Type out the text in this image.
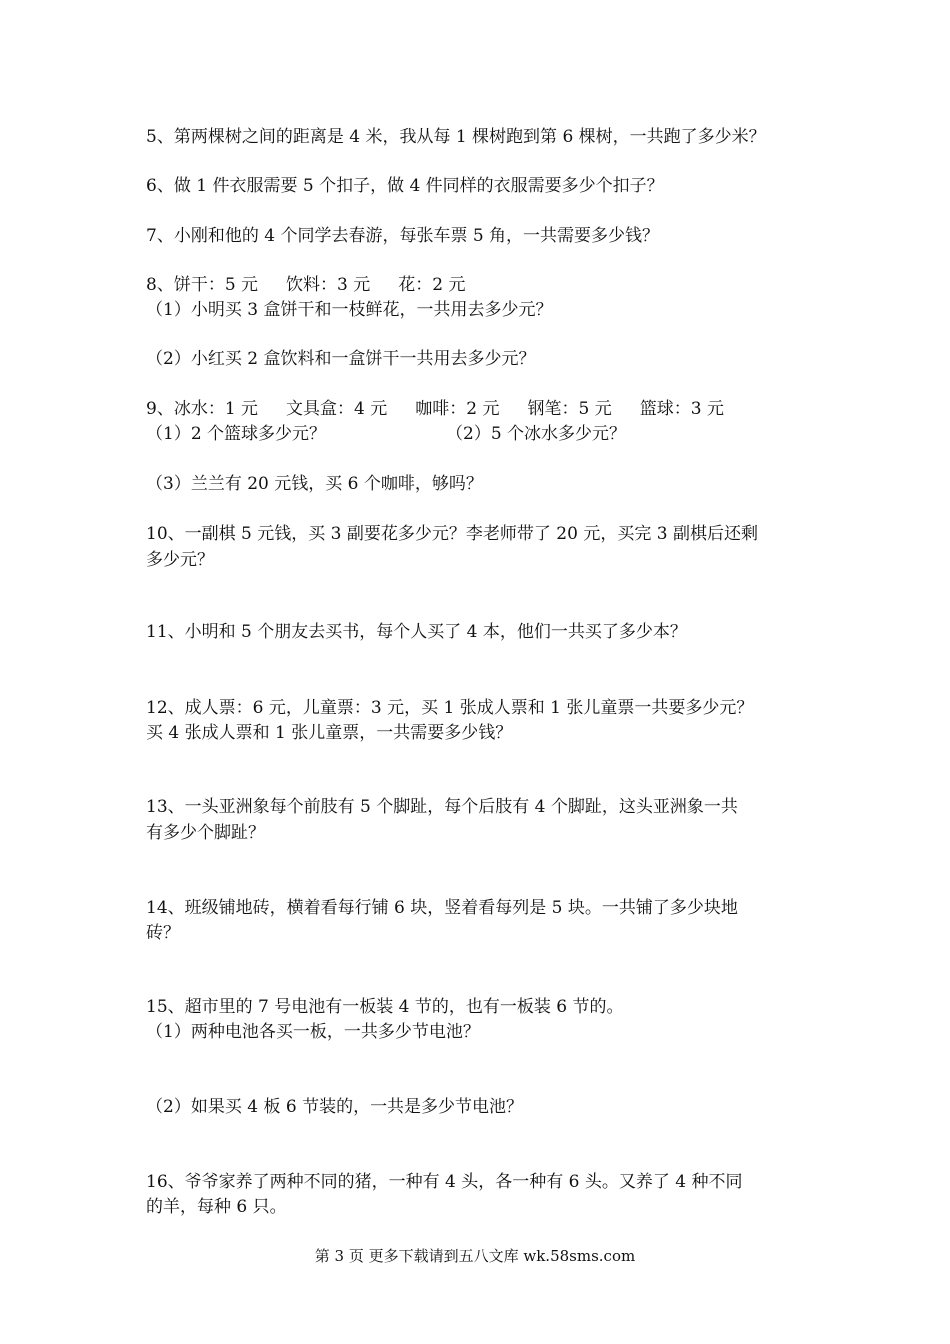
5、第两棵树之间的距离是 4 米，我从每 1 棵树跑到第 6 棵树，一共跑了多少米？
6、做 1 件衣服需要 5 个扣子，做 4 件同样的衣服需要多少个扣子？
7、小刚和他的 4 个同学去春游，每张车票 5 角，一共需要多少钱？
8、饼干：5 元 饮料：3 元 花：2 元
（1）小明买 3 盒饼干和一枝鲜花，一共用去多少元？
（2）小红买 2 盒饮料和一盒饼干一共用去多少元？
9、冰水：1 元 文具盒：4 元 咖啡：2 元 钢笔：5 元 篮球：3 元
（1）2 个篮球多少元？	（2）5 个冰水多少元？
（3）兰兰有 20 元钱，买 6 个咖啡，够吗？
10、一副棋 5 元钱，买 3 副要花多少元？李老师带了 20 元，买完 3 副棋后还剩
多少元？
11、小明和 5 个朋友去买书，每个人买了 4 本，他们一共买了多少本？
12、成人票：6 元，儿童票：3 元，买 1 张成人票和 1 张儿童票一共要多少元？
买 4 张成人票和 1 张儿童票，一共需要多少钱？
13、一头亚洲象每个前肢有 5 个脚趾，每个后肢有 4 个脚趾，这头亚洲象一共
有多少个脚趾？
14、班级铺地砖，横着看每行铺 6 块，竖着看每列是 5 块。一共铺了多少块地
砖？
15、超市里的 7 号电池有一板装 4 节的，也有一板装 6 节的。
（1）两种电池各买一板，一共多少节电池？
（2）如果买 4 板 6 节装的，一共是多少节电池？
16、爷爷家养了两种不同的猪，一种有 4 头，各一种有 6 头。又养了 4 种不同
的羊，每种 6 只。
第 3 页 更多下载请到五八文库 wk.58sms.com
